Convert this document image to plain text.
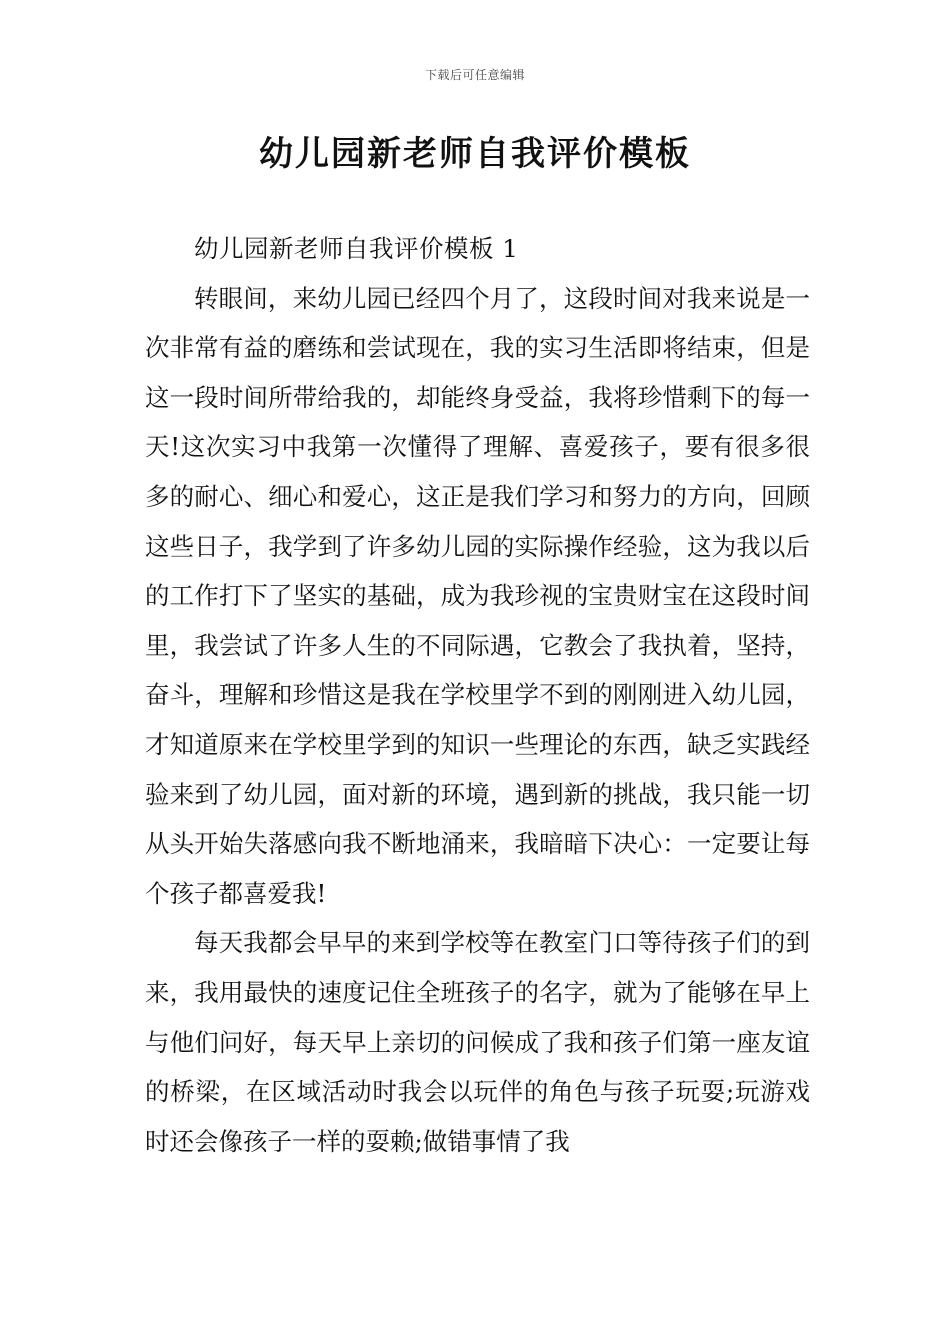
下载后可任意编辑
幼儿园新老师自我评价模板

幼儿园新老师自我评价模板 1

转眼间，来幼儿园已经四个月了，这段时间对我来说是一次非常有益的磨练和尝试现在，我的实习生活即将结束，但是这一段时间所带给我的，却能终身受益，我将珍惜剩下的每一天!这次实习中我第一次懂得了理解、喜爱孩子，要有很多很多的耐心、细心和爱心，这正是我们学习和努力的方向，回顾这些日子，我学到了许多幼儿园的实际操作经验，这为我以后的工作打下了坚实的基础，成为我珍视的宝贵财宝在这段时间里，我尝试了许多人生的不同际遇，它教会了我执着，坚持，奋斗，理解和珍惜这是我在学校里学不到的刚刚进入幼儿园，才知道原来在学校里学到的知识一些理论的东西，缺乏实践经验来到了幼儿园，面对新的环境，遇到新的挑战，我只能一切从头开始失落感向我不断地涌来，我暗暗下决心：一定要让每个孩子都喜爱我!

每天我都会早早的来到学校等在教室门口等待孩子们的到来，我用最快的速度记住全班孩子的名字，就为了能够在早上与他们问好，每天早上亲切的问候成了我和孩子们第一座友谊的桥梁，在区域活动时我会以玩伴的角色与孩子玩耍;玩游戏时还会像孩子一样的耍赖;做错事情了我
